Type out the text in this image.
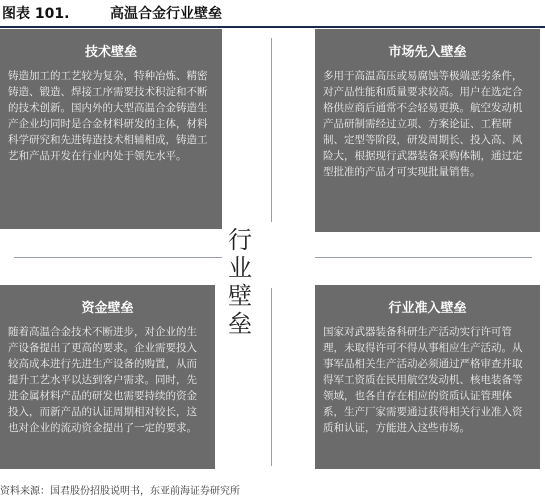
图表 101.	高温合金行业壁垒
技术壁垒
铸造加工的工艺较为复杂，特种冶炼、精密铸造、锻造、焊接工序需要技术积淀和不断的技术创新。国内外的大型高温合金铸造生产企业均同时是合金材料研发的主体，材料科学研究和先进铸造技术相辅相成，铸造工艺和产品开发在行业内处于领先水平。
市场先入壁垒
多用于高温高压或易腐蚀等极端恶劣条件，对产品性能和质量要求较高。用户在选定合格供应商后通常不会轻易更换。航空发动机产品研制需经过立项、方案论证、工程研制、定型等阶段，研发周期长、投入高、风险大，根据现行武器装备采购体制，通过定型批准的产品才可实现批量销售。
资金壁垒
随着高温合金技术不断进步，对企业的生产设备提出了更高的要求。企业需要投入较高成本进行先进生产设备的购置，从而提升工艺水平以达到客户需求。同时，先进金属材料产品的研发也需要持续的资金投入，而新产品的认证周期相对较长，这也对企业的流动资金提出了一定的要求。
行业准入壁垒
国家对武器装备科研生产活动实行许可管理，未取得许可不得从事相应生产活动。从事军品相关生产活动必须通过严格审查并取得军工资质在民用航空发动机、核电装备等领域，也各自存在相应的资质认证管理体系，生产厂家需要通过获得相关行业准入资质和认证，方能进入这些市场。
行 业
壁 垒
资料来源：国君股份招股说明书，东亚前海证券研究所
